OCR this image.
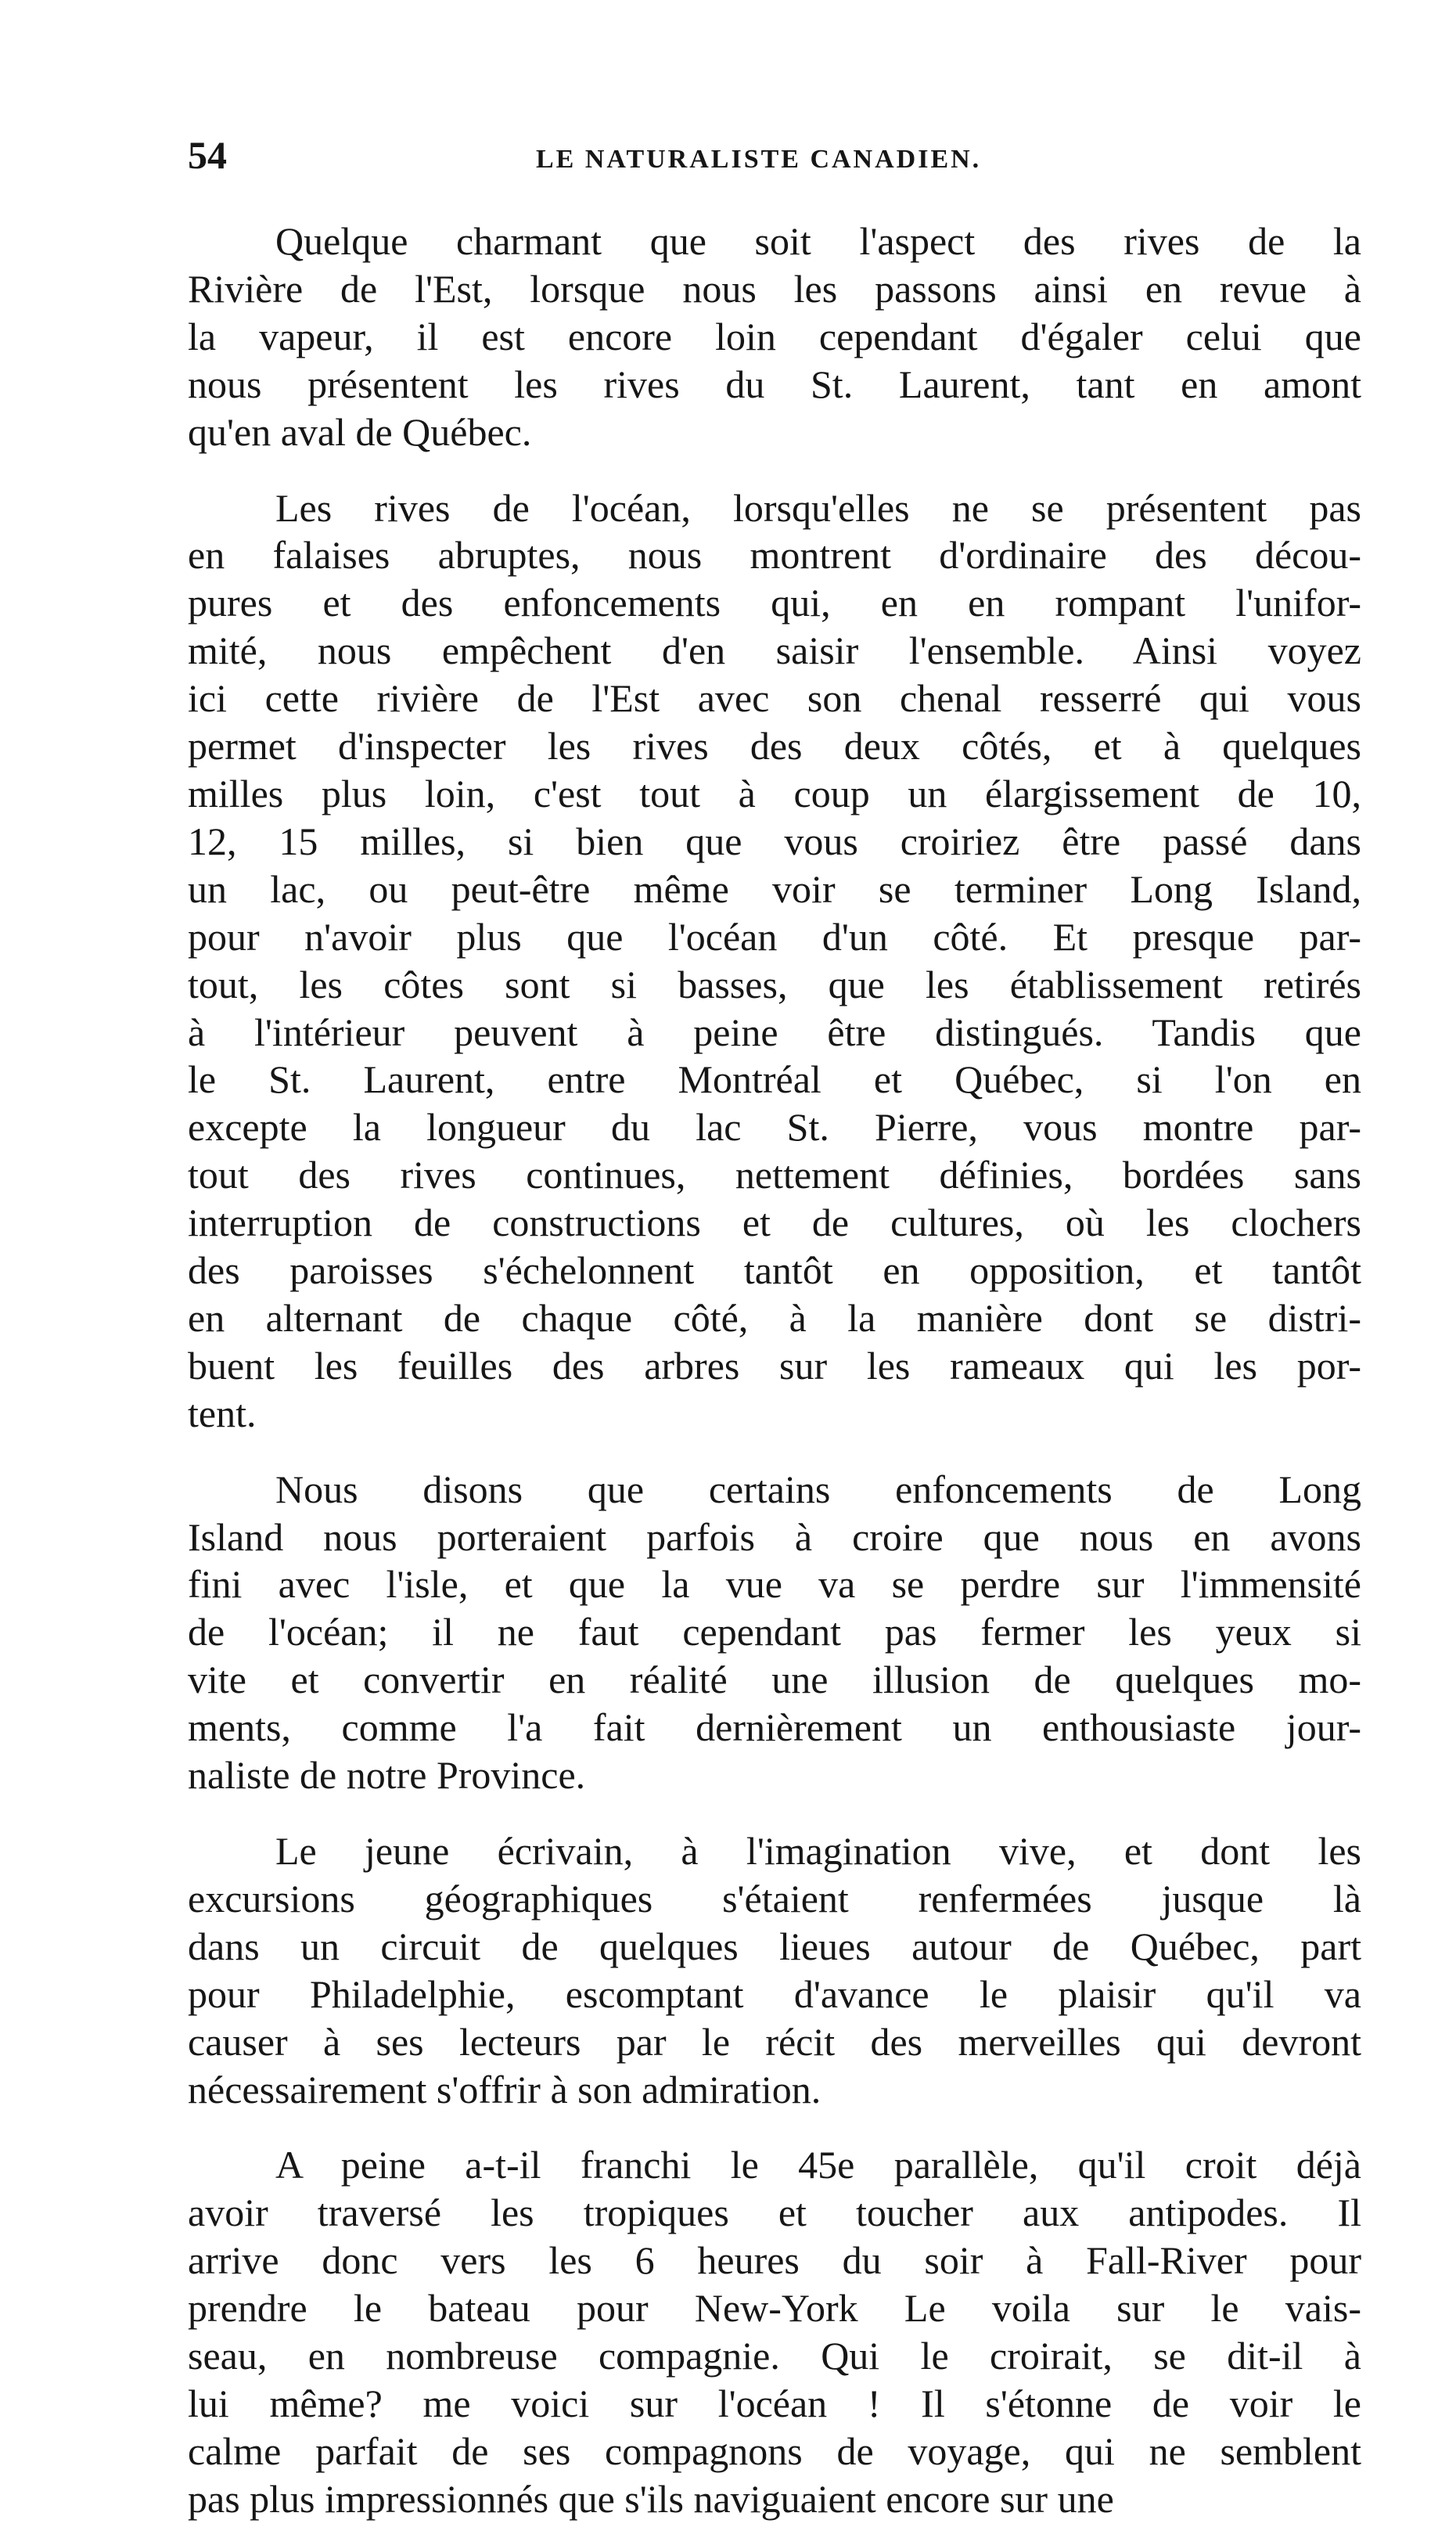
54	LE NATURALISTE CANADIEN.

Quelque charmant que soit l'aspect des rives de la
Rivière de l'Est, lorsque nous les passons ainsi en revue à
la vapeur, il est encore loin cependant d'égaler celui que
nous présentent les rives du St. Laurent, tant en amont
qu'en aval de Québec.

Les rives de l'océan, lorsqu'elles ne se présentent pas
en falaises abruptes, nous montrent d'ordinaire des décou-
pures et des enfoncements qui, en en rompant l'unifor-
mité, nous empêchent d'en saisir l'ensemble. Ainsi voyez
ici cette rivière de l'Est avec son chenal resserré qui vous
permet d'inspecter les rives des deux côtés, et à quelques
milles plus loin, c'est tout à coup un élargissement de 10,
12, 15 milles, si bien que vous croiriez être passé dans
un lac, ou peut-être même voir se terminer Long Island,
pour n'avoir plus que l'océan d'un côté. Et presque par-
tout, les côtes sont si basses, que les établissement retirés
à l'intérieur peuvent à peine être distingués. Tandis que
le St. Laurent, entre Montréal et Québec, si l'on en
excepte la longueur du lac St. Pierre, vous montre par-
tout des rives continues, nettement définies, bordées sans
interruption de constructions et de cultures, où les clochers
des paroisses s'échelonnent tantôt en opposition, et tantôt
en alternant de chaque côté, à la manière dont se distri-
buent les feuilles des arbres sur les rameaux qui les por-
tent.

Nous disons que certains enfoncements de Long
Island nous porteraient parfois à croire que nous en avons
fini avec l'isle, et que la vue va se perdre sur l'immensité
de l'océan; il ne faut cependant pas fermer les yeux si
vite et convertir en réalité une illusion de quelques mo-
ments, comme l'a fait dernièrement un enthousiaste jour-
naliste de notre Province.

Le jeune écrivain, à l'imagination vive, et dont les
excursions géographiques s'étaient renfermées jusque là
dans un circuit de quelques lieues autour de Québec, part
pour Philadelphie, escomptant d'avance le plaisir qu'il va
causer à ses lecteurs par le récit des merveilles qui devront
nécessairement s'offrir à son admiration.

A peine a-t-il franchi le 45e parallèle, qu'il croit déjà
avoir traversé les tropiques et toucher aux antipodes. Il
arrive donc vers les 6 heures du soir à Fall-River pour
prendre le bateau pour New-York Le voila sur le vais-
seau, en nombreuse compagnie. Qui le croirait, se dit-il à
lui même? me voici sur l'océan ! Il s'étonne de voir le
calme parfait de ses compagnons de voyage, qui ne semblent
pas plus impressionnés que s'ils naviguaient encore sur une
